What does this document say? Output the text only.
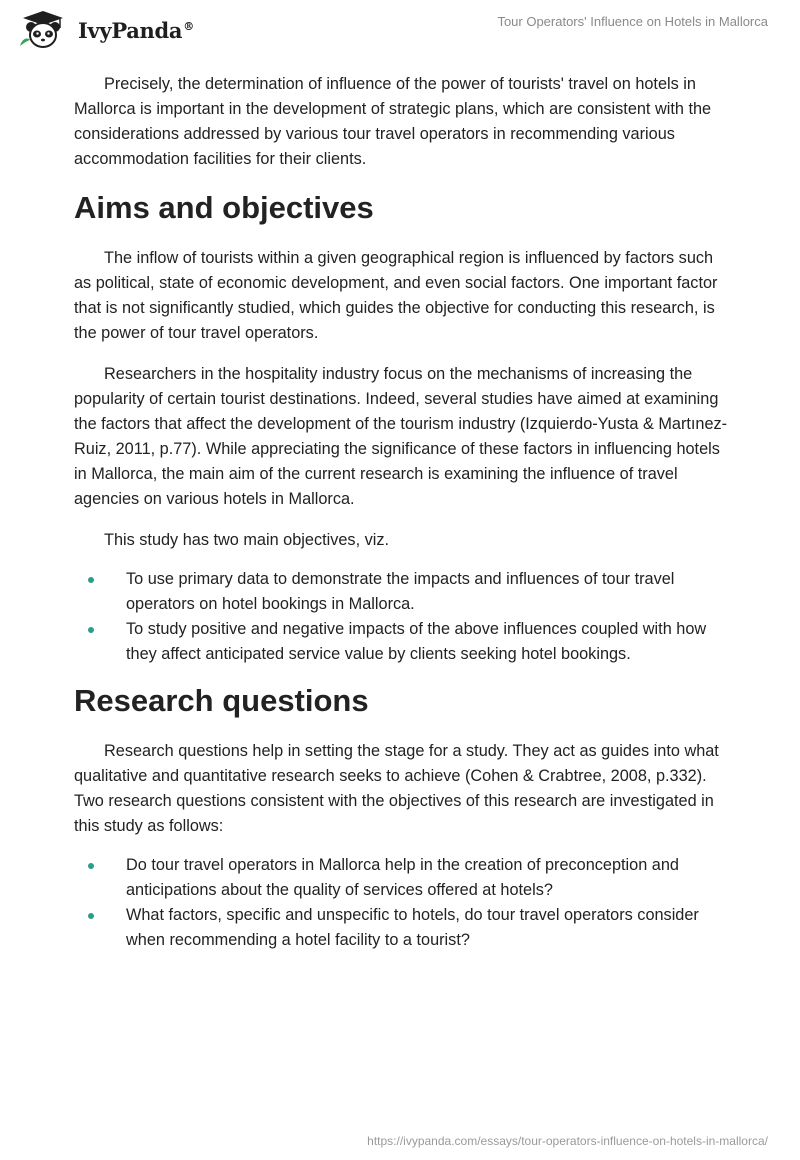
IvyPanda®	Tour Operators' Influence on Hotels in Mallorca

Precisely, the determination of influence of the power of tourists' travel on hotels in Mallorca is important in the development of strategic plans, which are consistent with the considerations addressed by various tour travel operators in recommending various accommodation facilities for their clients.

Aims and objectives

The inflow of tourists within a given geographical region is influenced by factors such as political, state of economic development, and even social factors. One important factor that is not significantly studied, which guides the objective for conducting this research, is the power of tour travel operators.

Researchers in the hospitality industry focus on the mechanisms of increasing the popularity of certain tourist destinations. Indeed, several studies have aimed at examining the factors that affect the development of the tourism industry (Izquierdo-Yusta & Martınez-Ruiz, 2011, p.77). While appreciating the significance of these factors in influencing hotels in Mallorca, the main aim of the current research is examining the influence of travel agencies on various hotels in Mallorca.

This study has two main objectives, viz.

To use primary data to demonstrate the impacts and influences of tour travel operators on hotel bookings in Mallorca.
To study positive and negative impacts of the above influences coupled with how they affect anticipated service value by clients seeking hotel bookings.
Research questions

Research questions help in setting the stage for a study. They act as guides into what qualitative and quantitative research seeks to achieve (Cohen & Crabtree, 2008, p.332). Two research questions consistent with the objectives of this research are investigated in this study as follows:

Do tour travel operators in Mallorca help in the creation of preconception and anticipations about the quality of services offered at hotels?
What factors, specific and unspecific to hotels, do tour travel operators consider when recommending a hotel facility to a tourist?
https://ivypanda.com/essays/tour-operators-influence-on-hotels-in-mallorca/
